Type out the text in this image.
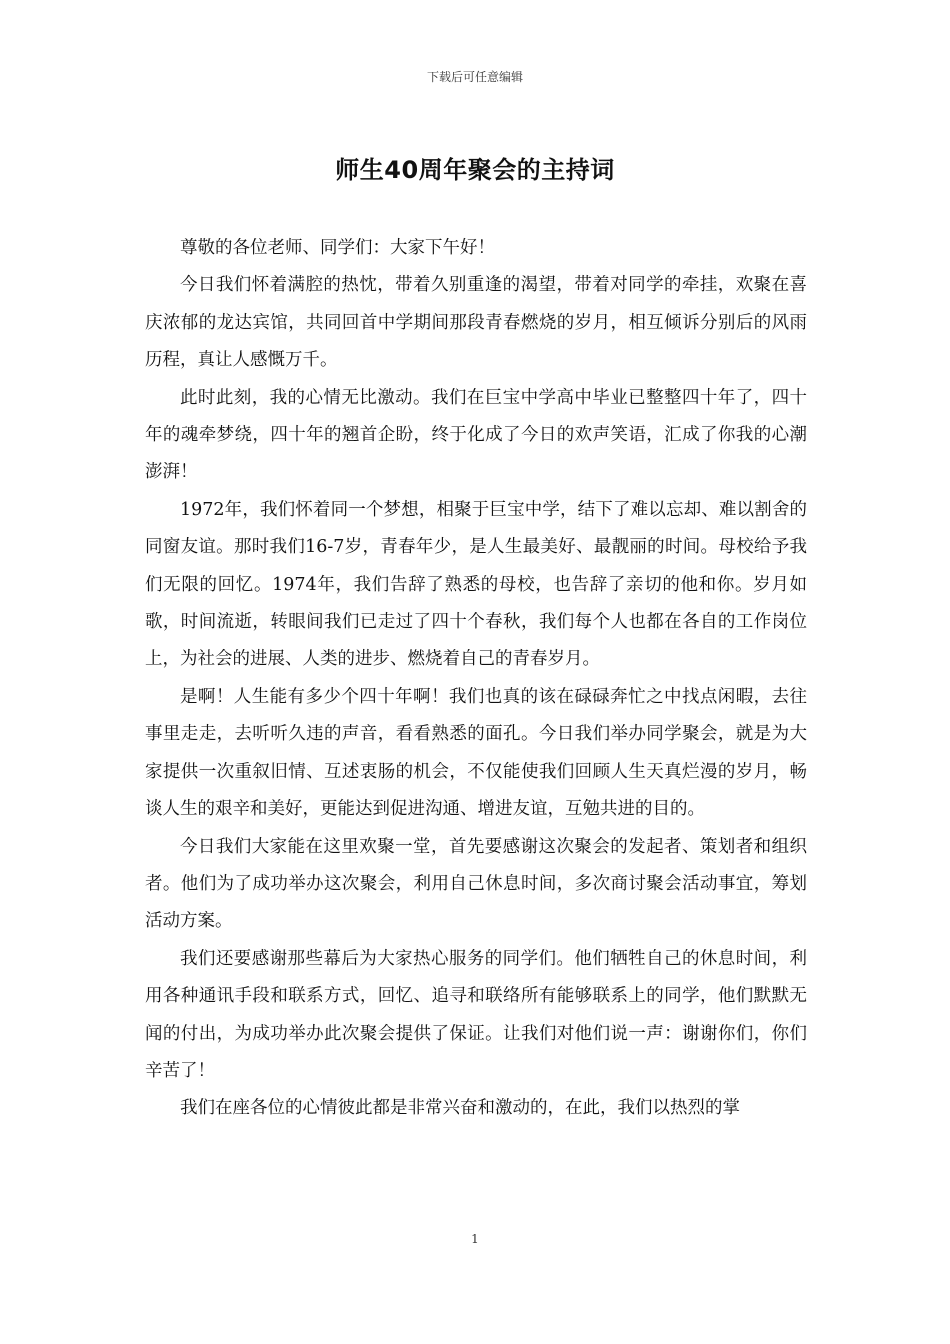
下载后可任意编辑
师生40周年聚会的主持词

尊敬的各位老师、同学们：大家下午好！

今日我们怀着满腔的热忱，带着久别重逢的渴望，带着对同学的牵挂，欢聚在喜庆浓郁的龙达宾馆，共同回首中学期间那段青春燃烧的岁月，相互倾诉分别后的风雨历程，真让人感慨万千。

此时此刻，我的心情无比激动。我们在巨宝中学高中毕业已整整四十年了，四十年的魂牵梦绕，四十年的翘首企盼，终于化成了今日的欢声笑语，汇成了你我的心潮澎湃！

1972年，我们怀着同一个梦想，相聚于巨宝中学，结下了难以忘却、难以割舍的同窗友谊。那时我们16-7岁，青春年少，是人生最美好、最靓丽的时间。母校给予我们无限的回忆。1974年，我们告辞了熟悉的母校，也告辞了亲切的他和你。岁月如歌，时间流逝，转眼间我们已走过了四十个春秋，我们每个人也都在各自的工作岗位上，为社会的进展、人类的进步、燃烧着自己的青春岁月。

是啊！人生能有多少个四十年啊！我们也真的该在碌碌奔忙之中找点闲暇，去往事里走走，去听听久违的声音，看看熟悉的面孔。今日我们举办同学聚会，就是为大家提供一次重叙旧情、互述衷肠的机会，不仅能使我们回顾人生天真烂漫的岁月，畅谈人生的艰辛和美好，更能达到促进沟通、增进友谊，互勉共进的目的。

今日我们大家能在这里欢聚一堂，首先要感谢这次聚会的发起者、策划者和组织者。他们为了成功举办这次聚会，利用自己休息时间，多次商讨聚会活动事宜，筹划活动方案。

我们还要感谢那些幕后为大家热心服务的同学们。他们牺牲自己的休息时间，利用各种通讯手段和联系方式，回忆、追寻和联络所有能够联系上的同学，他们默默无闻的付出，为成功举办此次聚会提供了保证。让我们对他们说一声：谢谢你们，你们辛苦了！

我们在座各位的心情彼此都是非常兴奋和激动的，在此，我们以热烈的掌

1
